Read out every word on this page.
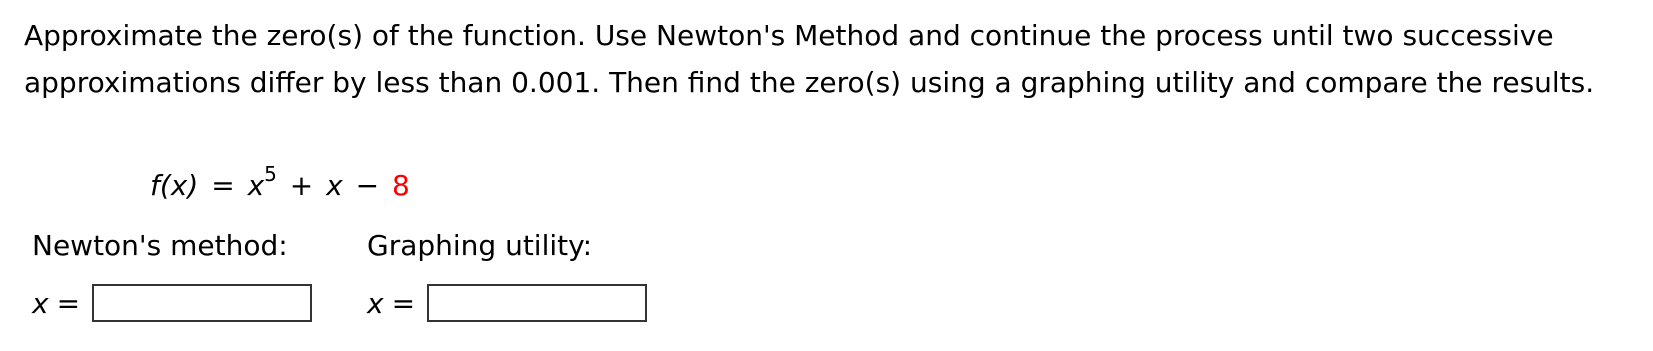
Approximate the zero(s) of the function. Use Newton's Method and continue the process until two successive approximations differ by less than 0.001. Then find the zero(s) using a graphing utility and compare the results.
$f(x) = x^5 + x - 8$
Newton's method:	Graphing utility:
x =	x =
